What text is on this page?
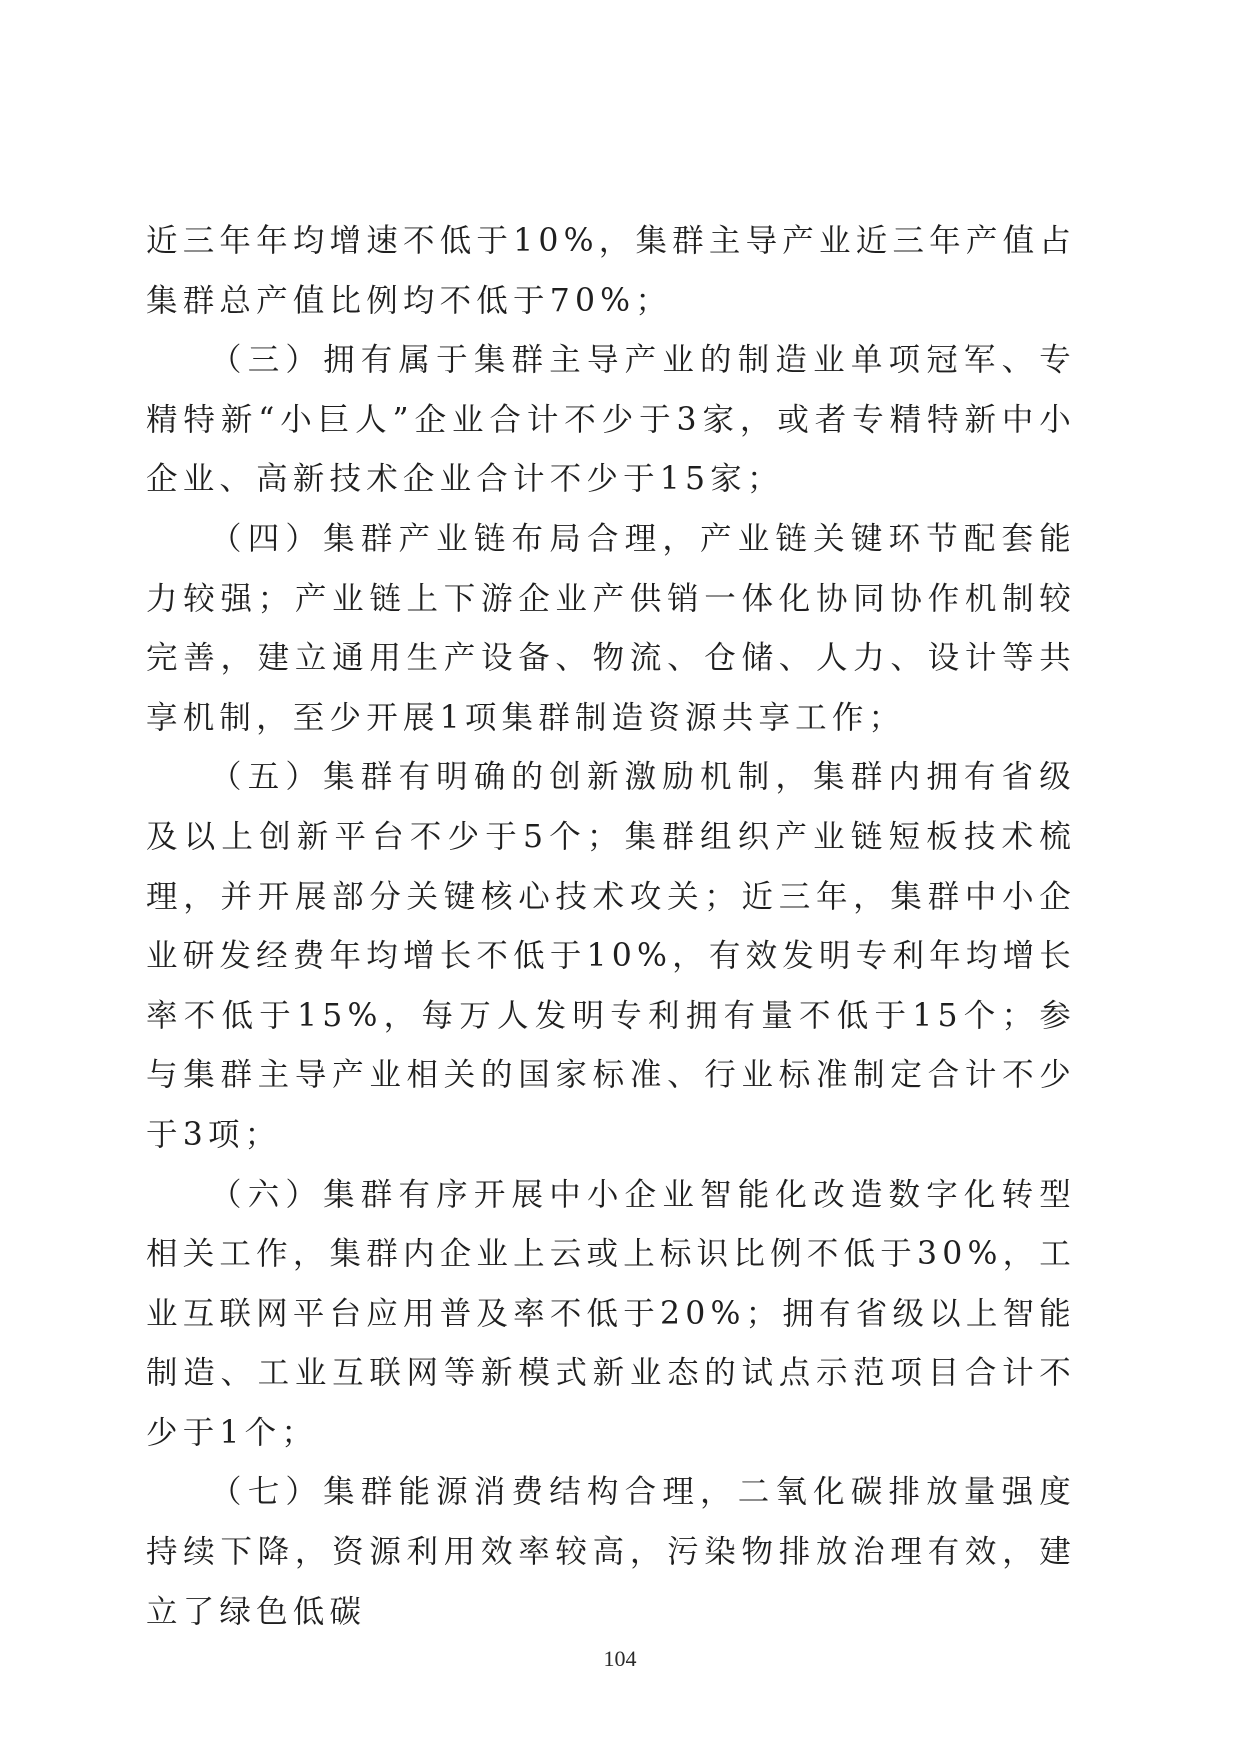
近三年年均增速不低于10%，集群主导产业近三年产值占集群总产值比例均不低于70%；

（三）拥有属于集群主导产业的制造业单项冠军、专精特新“小巨人”企业合计不少于3家，或者专精特新中小企业、高新技术企业合计不少于15家；

（四）集群产业链布局合理，产业链关键环节配套能力较强；产业链上下游企业产供销一体化协同协作机制较完善，建立通用生产设备、物流、仓储、人力、设计等共享机制，至少开展1项集群制造资源共享工作；

（五）集群有明确的创新激励机制，集群内拥有省级及以上创新平台不少于5个；集群组织产业链短板技术梳理，并开展部分关键核心技术攻关；近三年，集群中小企业研发经费年均增长不低于10%，有效发明专利年均增长率不低于15%，每万人发明专利拥有量不低于15个；参与集群主导产业相关的国家标准、行业标准制定合计不少于3项；

（六）集群有序开展中小企业智能化改造数字化转型相关工作，集群内企业上云或上标识比例不低于30%，工业互联网平台应用普及率不低于20%；拥有省级以上智能制造、工业互联网等新模式新业态的试点示范项目合计不少于1个；

（七）集群能源消费结构合理，二氧化碳排放量强度持续下降，资源利用效率较高，污染物排放治理有效，建立了绿色低碳

104
